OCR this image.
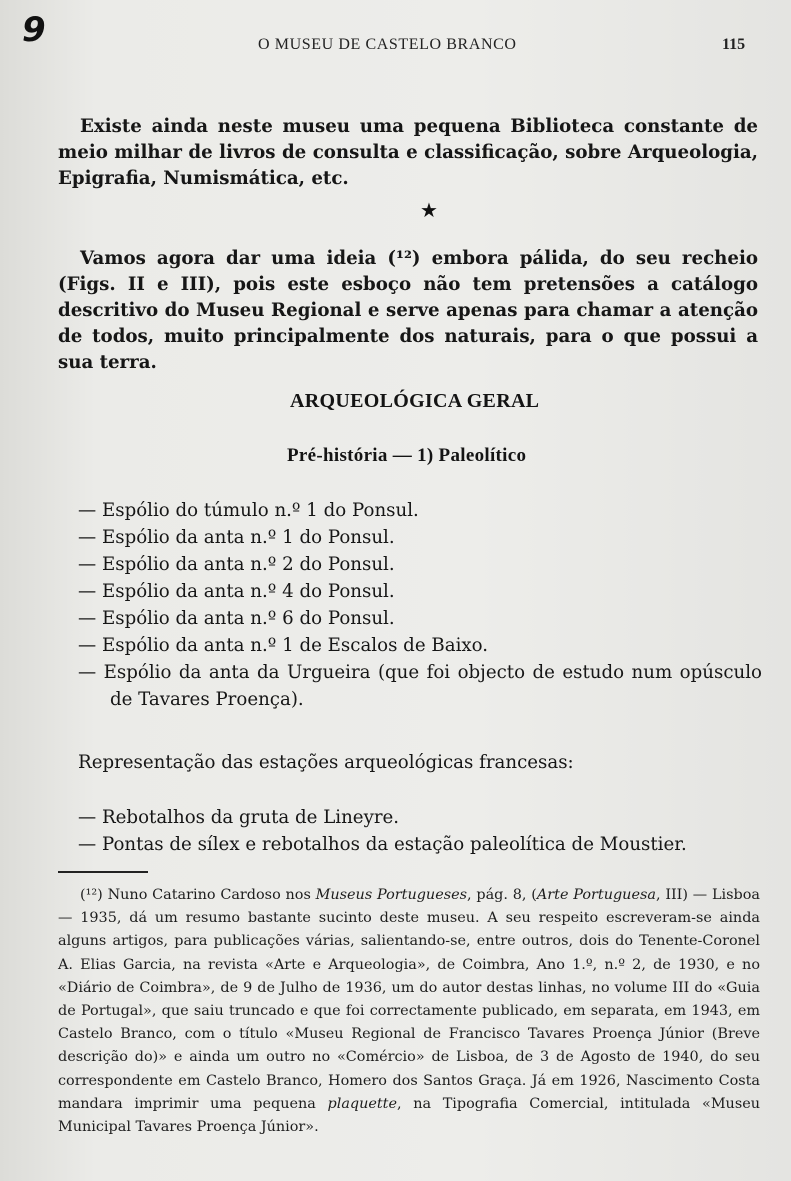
9	O MUSEU DE CASTELO BRANCO	115

Existe ainda neste museu uma pequena Biblioteca constante de meio milhar de livros de consulta e classificação, sobre Arqueologia, Epigrafia, Numismática, etc.

★

Vamos agora dar uma ideia (¹²) embora pálida, do seu recheio (Figs. II e III), pois este esboço não tem pretensões a catálogo descritivo do Museu Regional e serve apenas para chamar a atenção de todos, muito principalmente dos naturais, para o que possui a sua terra.

ARQUEOLÓGICA GERAL
Pré-história — 1) Paleolítico
— Espólio do túmulo n.º 1 do Ponsul.
— Espólio da anta n.º 1 do Ponsul.
— Espólio da anta n.º 2 do Ponsul.
— Espólio da anta n.º 4 do Ponsul.
— Espólio da anta n.º 6 do Ponsul.
— Espólio da anta n.º 1 de Escalos de Baixo.
— Espólio da anta da Urgueira (que foi objecto de estudo num opúsculo de Tavares Proença).
Representação das estações arqueológicas francesas:
— Rebotalhos da gruta de Lineyre.
— Pontas de sílex e rebotalhos da estação paleolítica de Moustier.

(¹²) Nuno Catarino Cardoso nos Museus Portugueses, pág. 8, (Arte Portuguesa, III) — Lisboa — 1935, dá um resumo bastante sucinto deste museu. A seu respeito escreveram-se ainda alguns artigos, para publicações várias, salientando-se, entre outros, dois do Tenente-Coronel A. Elias Garcia, na revista «Arte e Arqueologia», de Coimbra, Ano 1.º, n.º 2, de 1930, e no «Diário de Coimbra», de 9 de Julho de 1936, um do autor destas linhas, no volume III do «Guia de Portugal», que saiu truncado e que foi correctamente publicado, em separata, em 1943, em Castelo Branco, com o título «Museu Regional de Francisco Tavares Proença Júnior (Breve descrição do)» e ainda um outro no «Comércio» de Lisboa, de 3 de Agosto de 1940, do seu correspondente em Castelo Branco, Homero dos Santos Graça. Já em 1926, Nascimento Costa mandara imprimir uma pequena plaquette, na Tipografia Comercial, intitulada «Museu Municipal Tavares Proença Júnior».
